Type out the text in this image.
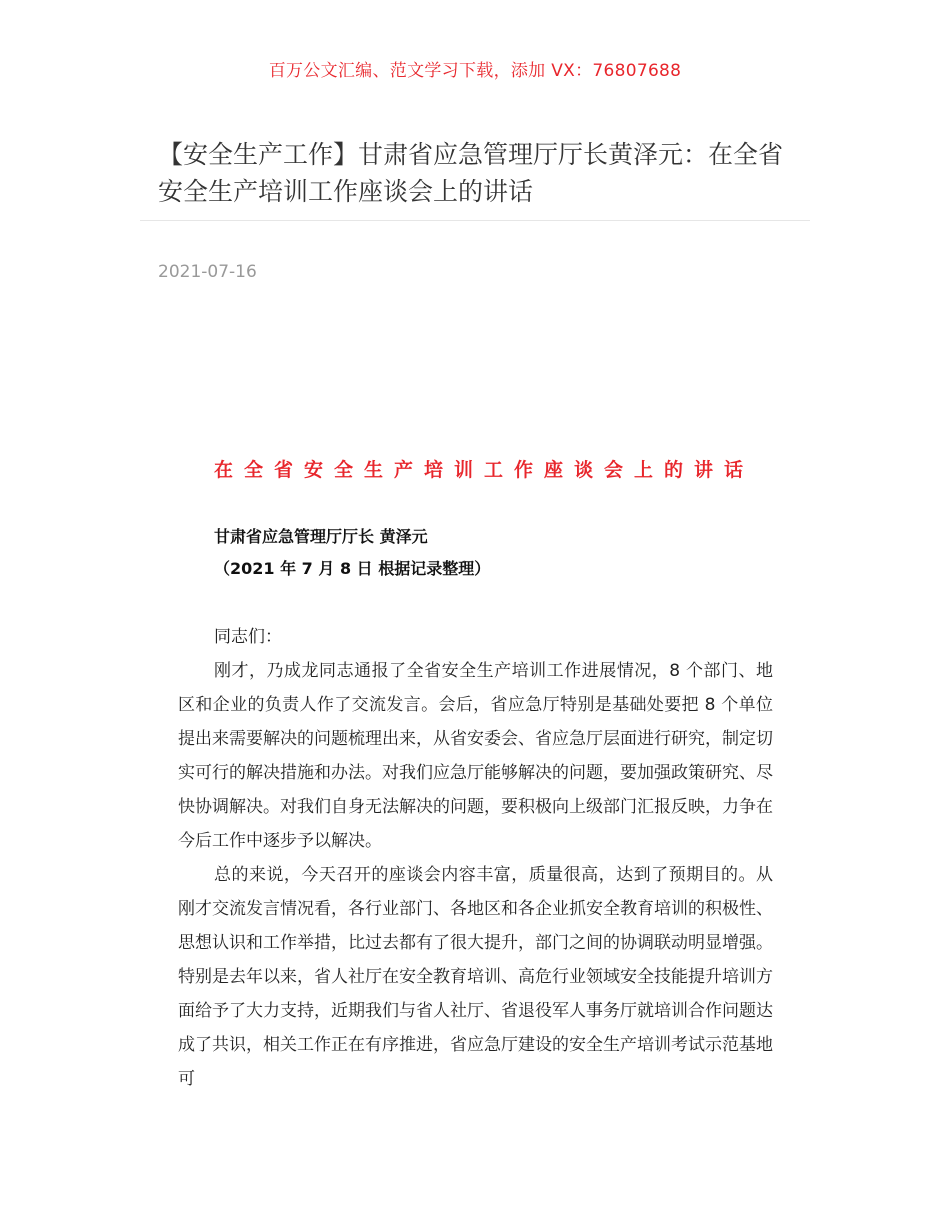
百万公文汇编、范文学习下载，添加 VX：76807688
【安全生产工作】甘肃省应急管理厅厅长黄泽元：在全省安全生产培训工作座谈会上的讲话
2021-07-16
在全省安全生产培训工作座谈会上的讲话
甘肃省应急管理厅厅长 黄泽元
（2021 年 7 月 8 日 根据记录整理）

同志们：

刚才，乃成龙同志通报了全省安全生产培训工作进展情况，8 个部门、地区和企业的负责人作了交流发言。会后，省应急厅特别是基础处要把 8 个单位提出来需要解决的问题梳理出来，从省安委会、省应急厅层面进行研究，制定切实可行的解决措施和办法。对我们应急厅能够解决的问题，要加强政策研究、尽快协调解决。对我们自身无法解决的问题，要积极向上级部门汇报反映，力争在今后工作中逐步予以解决。

总的来说，今天召开的座谈会内容丰富，质量很高，达到了预期目的。从刚才交流发言情况看，各行业部门、各地区和各企业抓安全教育培训的积极性、思想认识和工作举措，比过去都有了很大提升，部门之间的协调联动明显增强。特别是去年以来，省人社厅在安全教育培训、高危行业领域安全技能提升培训方面给予了大力支持，近期我们与省人社厅、省退役军人事务厅就培训合作问题达成了共识，相关工作正在有序推进，省应急厅建设的安全生产培训考试示范基地可
